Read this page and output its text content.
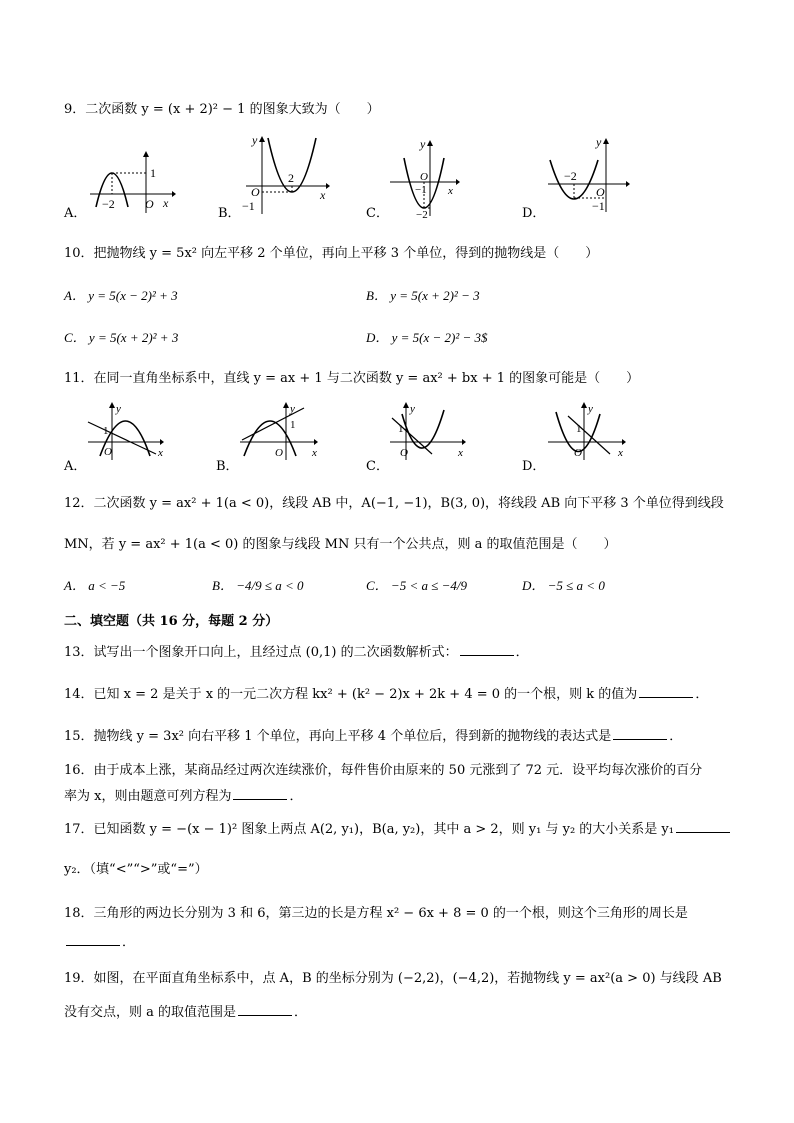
9．二次函数 y = (x + 2)² − 1 的图象大致为（　　）
1
−2	O x
A．
y
2
O
−1
x
B．
y
O
−1
−2
x
C．
y
−2
O
−1
D．
10．把抛物线 y = 5x² 向左平移 2 个单位，再向上平移 3 个单位，得到的抛物线是（　　）
A． y = 5(x − 2)² + 3	B． y = 5(x + 2)² − 3
C． y = 5(x + 2)² + 3	D． y = 5(x − 2)² − 3$
11．在同一直角坐标系中，直线 y = ax + 1 与二次函数 y = ax² + bx + 1 的图象可能是（　　）
y
1
O	x
A．
y
1
O	x
B．
y
1
O	x
C．
y
1
O	x
D．
12．二次函数 y = ax² + 1(a < 0)，线段 AB 中，A(−1, −1)，B(3, 0)，将线段 AB 向下平移 3 个单位得到线段
MN，若 y = ax² + 1(a < 0) 的图象与线段 MN 只有一个公共点，则 a 的取值范围是（　　）
A． a < −5	B． −4/9 ≤ a < 0	C． −5 < a ≤ −4/9	D． −5 ≤ a < 0
二、填空题（共 16 分，每题 2 分）
13．试写出一个图象开口向上，且经过点 (0,1) 的二次函数解析式：	．
14．已知 x = 2 是关于 x 的一元二次方程 kx² + (k² − 2)x + 2k + 4 = 0 的一个根，则 k 的值为	．
15．抛物线 y = 3x² 向右平移 1 个单位，再向上平移 4 个单位后，得到新的抛物线的表达式是	．
16．由于成本上涨，某商品经过两次连续涨价，每件售价由原来的 50 元涨到了 72 元．设平均每次涨价的百分
率为 x，则由题意可列方程为	．
17．已知函数 y = −(x − 1)² 图象上两点 A(2, y₁)，B(a, y₂)，其中 a > 2，则 y₁ 与 y₂ 的大小关系是 y₁
y₂．（填“<”“>”或“=”）
18．三角形的两边长分别为 3 和 6，第三边的长是方程 x² − 6x + 8 = 0 的一个根，则这个三角形的周长是
．
19．如图，在平面直角坐标系中，点 A，B 的坐标分别为 (−2,2)，(−4,2)，若抛物线 y = ax²(a > 0) 与线段 AB
没有交点，则 a 的取值范围是	．
